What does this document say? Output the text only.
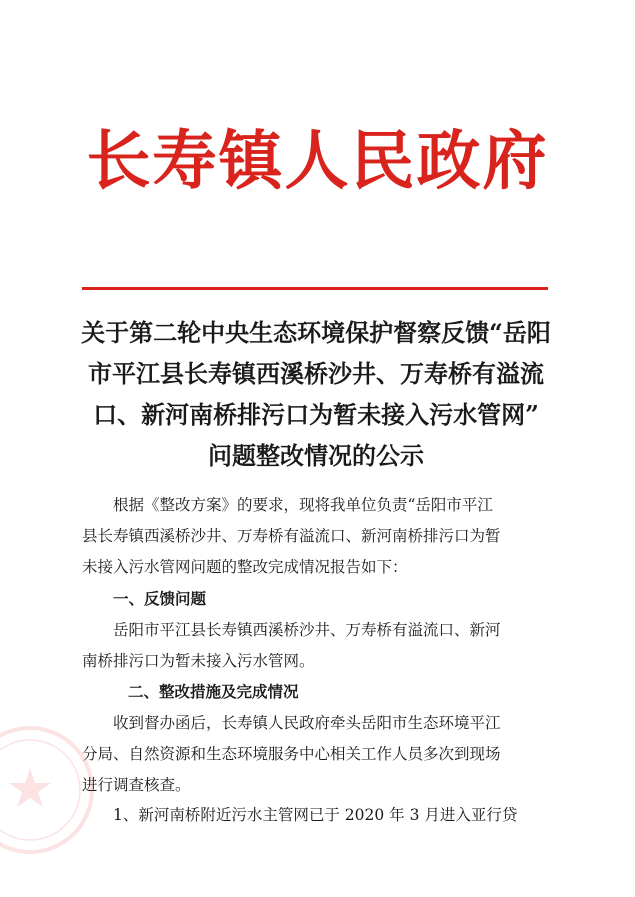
长寿镇人民政府
关于第二轮中央生态环境保护督察反馈“岳阳
市平江县长寿镇西溪桥沙井、万寿桥有溢流
口、新河南桥排污口为暂未接入污水管网”
问题整改情况的公示
根据《整改方案》的要求，现将我单位负责“岳阳市平江
县长寿镇西溪桥沙井、万寿桥有溢流口、新河南桥排污口为暂
未接入污水管网问题的整改完成情况报告如下：
一、反馈问题
岳阳市平江县长寿镇西溪桥沙井、万寿桥有溢流口、新河
南桥排污口为暂未接入污水管网。
二、整改措施及完成情况
收到督办函后，长寿镇人民政府牵头岳阳市生态环境平江
分局、自然资源和生态环境服务中心相关工作人员多次到现场
进行调查核查。
1、新河南桥附近污水主管网已于 2020 年 3 月进入亚行贷
